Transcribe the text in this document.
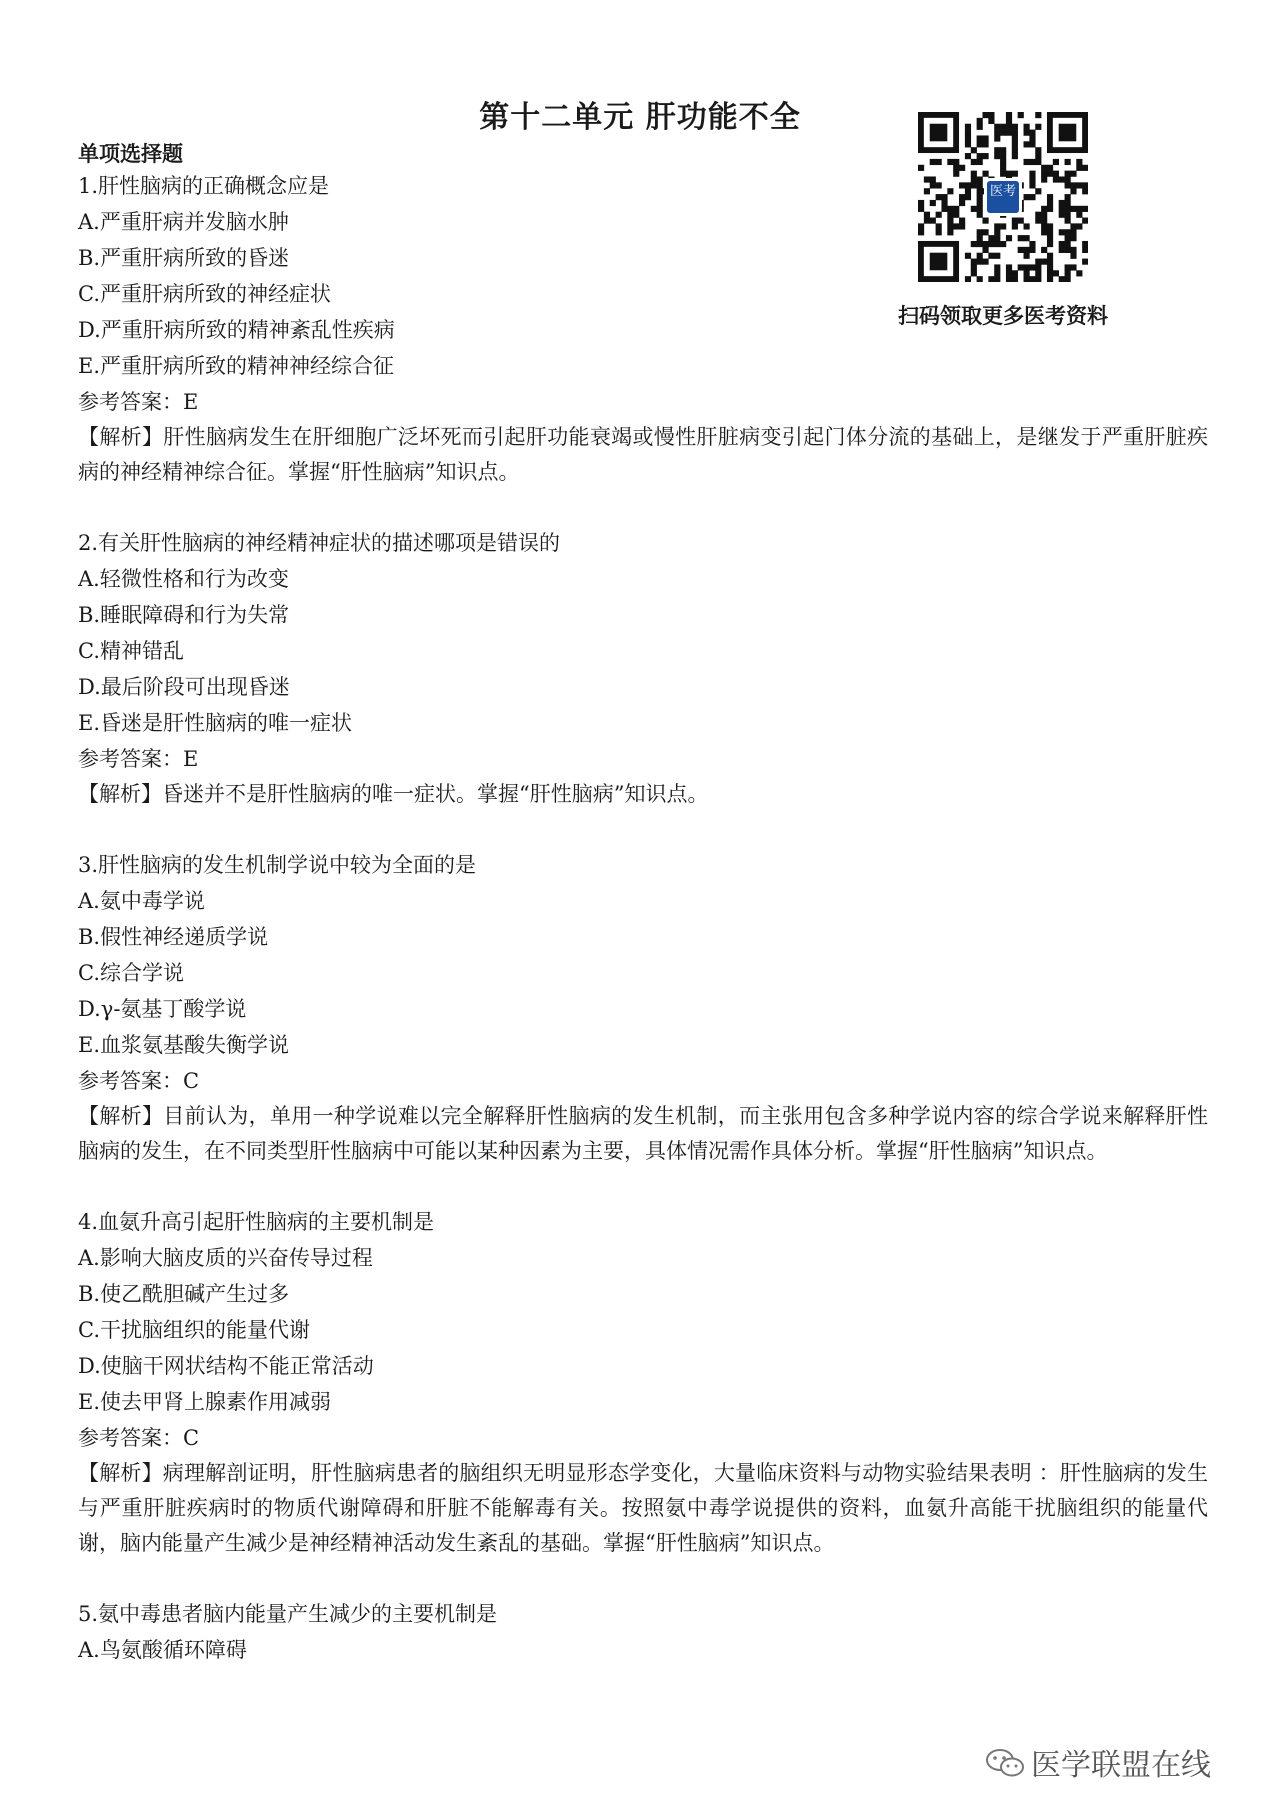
第十二单元 肝功能不全
医考
扫码领取更多医考资料
单项选择题
1.肝性脑病的正确概念应是
A.严重肝病并发脑水肿
B.严重肝病所致的昏迷
C.严重肝病所致的神经症状
D.严重肝病所致的精神紊乱性疾病
E.严重肝病所致的精神神经综合征
参考答案：E
【解析】肝性脑病发生在肝细胞广泛坏死而引起肝功能衰竭或慢性肝脏病变引起门体分流的基础上，是继发于严重肝脏疾病的神经精神综合征。掌握“肝性脑病”知识点。
2.有关肝性脑病的神经精神症状的描述哪项是错误的
A.轻微性格和行为改变
B.睡眠障碍和行为失常
C.精神错乱
D.最后阶段可出现昏迷
E.昏迷是肝性脑病的唯一症状
参考答案：E
【解析】昏迷并不是肝性脑病的唯一症状。掌握“肝性脑病”知识点。
3.肝性脑病的发生机制学说中较为全面的是
A.氨中毒学说
B.假性神经递质学说
C.综合学说
D.γ-氨基丁酸学说
E.血浆氨基酸失衡学说
参考答案：C
【解析】目前认为，单用一种学说难以完全解释肝性脑病的发生机制，而主张用包含多种学说内容的综合学说来解释肝性脑病的发生，在不同类型肝性脑病中可能以某种因素为主要，具体情况需作具体分析。掌握“肝性脑病”知识点。
4.血氨升高引起肝性脑病的主要机制是
A.影响大脑皮质的兴奋传导过程
B.使乙酰胆碱产生过多
C.干扰脑组织的能量代谢
D.使脑干网状结构不能正常活动
E.使去甲肾上腺素作用减弱
参考答案：C
【解析】病理解剖证明，肝性脑病患者的脑组织无明显形态学变化，大量临床资料与动物实验结果表明 ：肝性脑病的发生与严重肝脏疾病时的物质代谢障碍和肝脏不能解毒有关。按照氨中毒学说提供的资料，血氨升高能干扰脑组织的能量代谢，脑内能量产生减少是神经精神活动发生紊乱的基础。掌握“肝性脑病”知识点。
5.氨中毒患者脑内能量产生减少的主要机制是
A.鸟氨酸循环障碍
医学联盟在线
